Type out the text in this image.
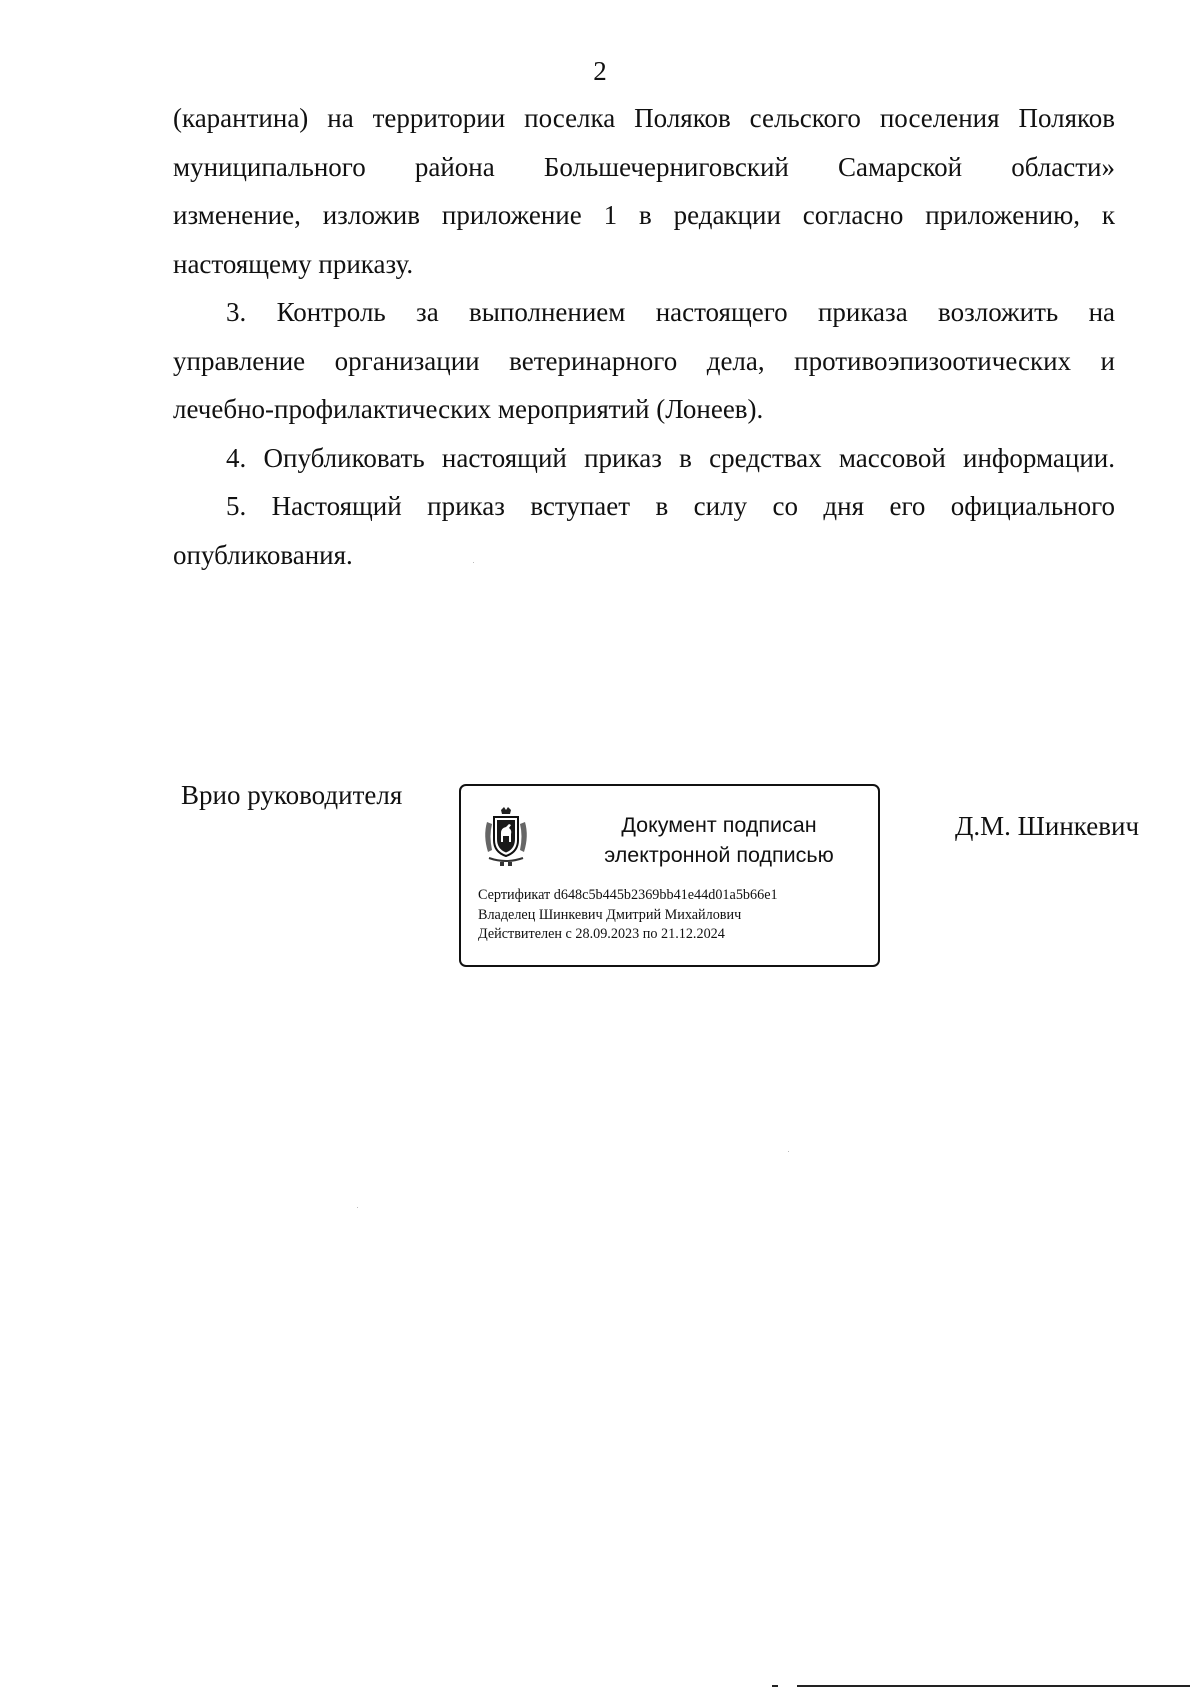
2
(карантина) на территории поселка Поляков сельского поселения Поляков
муниципального района Большечерниговский Самарской области»
изменение, изложив приложение 1 в редакции согласно приложению, к
настоящему приказу.
3. Контроль за выполнением настоящего приказа возложить на
управление организации ветеринарного дела, противоэпизоотических и
лечебно-профилактических мероприятий (Лонеев).
4. Опубликовать настоящий приказ в средствах массовой информации.
5. Настоящий приказ вступает в силу со дня его официального
опубликования.
Врио руководителя
Документ подписан
электронной подписью
Сертификат d648c5b445b2369bb41e44d01a5b66e1
Владелец Шинкевич Дмитрий Михайлович
Действителен с 28.09.2023 по 21.12.2024
Д.М. Шинкевич
